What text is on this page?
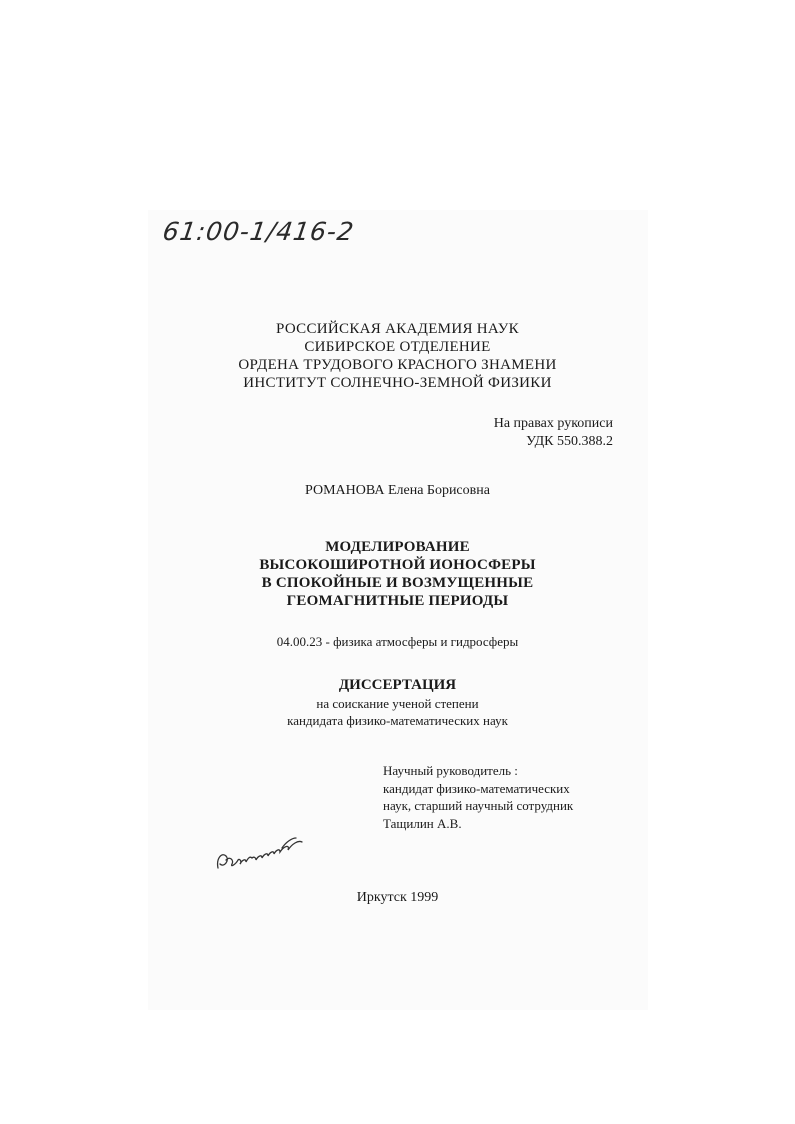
61:00-1/416-2
РОССИЙСКАЯ АКАДЕМИЯ НАУК
СИБИРСКОЕ ОТДЕЛЕНИЕ
ОРДЕНА ТРУДОВОГО КРАСНОГО ЗНАМЕНИ
ИНСТИТУТ СОЛНЕЧНО-ЗЕМНОЙ ФИЗИКИ
На правах рукописи
УДК 550.388.2
РОМАНОВА Елена Борисовна
МОДЕЛИРОВАНИЕ
ВЫСОКОШИРОТНОЙ ИОНОСФЕРЫ
В СПОКОЙНЫЕ И ВОЗМУЩЕННЫЕ
ГЕОМАГНИТНЫЕ ПЕРИОДЫ
04.00.23 - физика атмосферы и гидросферы
ДИССЕРТАЦИЯ
на соискание ученой степени
кандидата физико-математических наук
Научный руководитель :
кандидат физико-математических
наук, старший научный сотрудник
Тащилин А.В.
Иркутск 1999
